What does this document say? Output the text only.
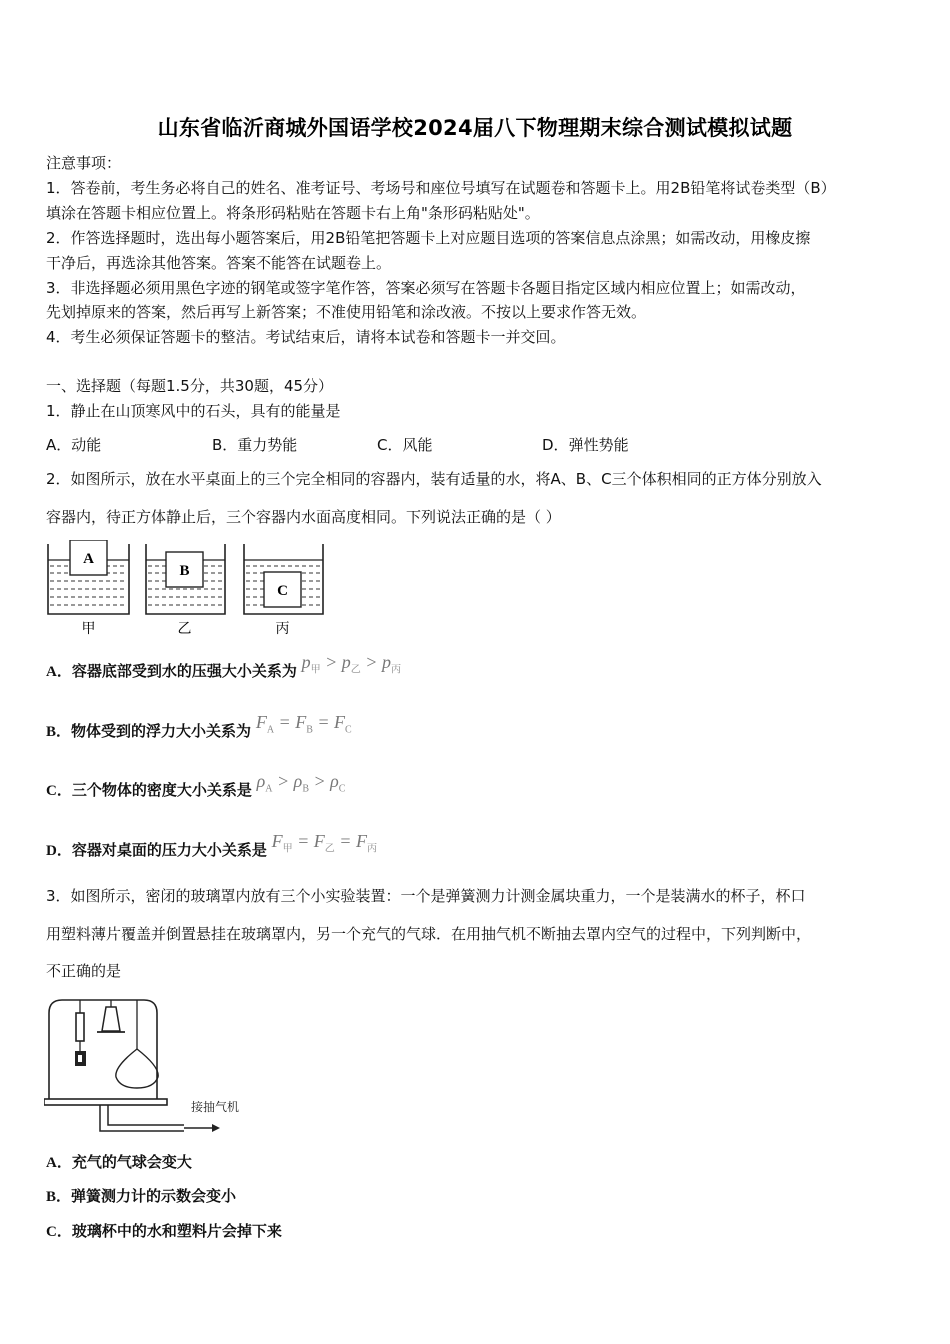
山东省临沂商城外国语学校2024届八下物理期末综合测试模拟试题
注意事项：
1．答卷前，考生务必将自己的姓名、准考证号、考场号和座位号填写在试题卷和答题卡上。用2B铅笔将试卷类型（B）
填涂在答题卡相应位置上。将条形码粘贴在答题卡右上角"条形码粘贴处"。
2．作答选择题时，选出每小题答案后，用2B铅笔把答题卡上对应题目选项的答案信息点涂黑；如需改动，用橡皮擦
干净后，再选涂其他答案。答案不能答在试题卷上。
3．非选择题必须用黑色字迹的钢笔或签字笔作答，答案必须写在答题卡各题目指定区域内相应位置上；如需改动，
先划掉原来的答案，然后再写上新答案；不准使用铅笔和涂改液。不按以上要求作答无效。
4．考生必须保证答题卡的整洁。考试结束后，请将本试卷和答题卡一并交回。
一、选择题（每题1.5分，共30题，45分）
1．静止在山顶寒风中的石头，具有的能量是
A．动能	B．重力势能	C．风能	D．弹性势能
2．如图所示，放在水平桌面上的三个完全相同的容器内，装有适量的水，将A、B、C三个体积相同的正方体分别放入
容器内，待正方体静止后，三个容器内水面高度相同。下列说法正确的是（ ）
A
甲
B
乙
C
丙
A．容器底部受到水的压强大小关系为 $p_甲 > p_乙 > p_丙$
B．物体受到的浮力大小关系为 $F_A = F_B = F_C$
C．三个物体的密度大小关系是 $\rho_A > \rho_B > \rho_C$
D．容器对桌面的压力大小关系是 $F_甲 = F_乙 = F_丙$
3．如图所示，密闭的玻璃罩内放有三个小实验装置：一个是弹簧测力计测金属块重力，一个是装满水的杯子，杯口
用塑料薄片覆盖并倒置悬挂在玻璃罩内，另一个充气的气球．在用抽气机不断抽去罩内空气的过程中，下列判断中，
不正确的是
接抽气机
A．充气的气球会变大
B．弹簧测力计的示数会变小
C．玻璃杯中的水和塑料片会掉下来
